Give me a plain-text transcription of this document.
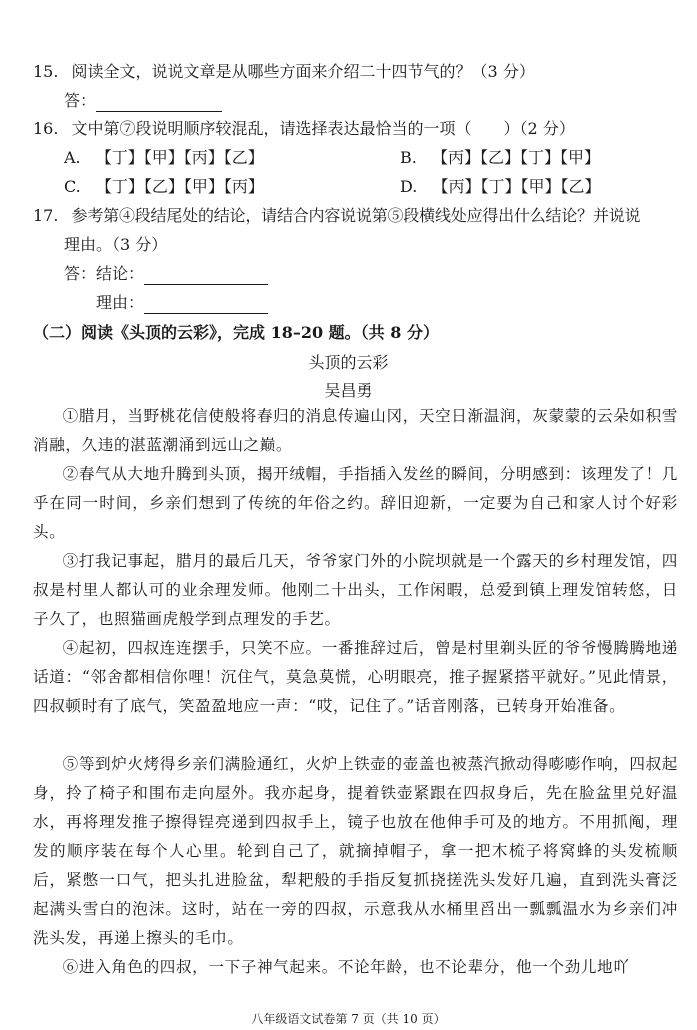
15. 阅读全文，说说文章是从哪些方面来介绍二十四节气的？（3 分）
答：
16. 文中第⑦段说明顺序较混乱，请选择表达最恰当的一项（　　）（2 分）
A. 【丁】【甲】【丙】【乙】	B. 【丙】【乙】【丁】【甲】
C. 【丁】【乙】【甲】【丙】	D. 【丙】【丁】【甲】【乙】
17. 参考第④段结尾处的结论，请结合内容说说第⑤段横线处应得出什么结论？并说说
理由。（3 分）
答：结论：
理由：
（二）阅读《头顶的云彩》，完成 18–20 题。（共 8 分）
头顶的云彩
吴昌勇

①腊月，当野桃花信使般将春归的消息传遍山冈，天空日渐温润，灰蒙蒙的云朵如积雪消融，久违的湛蓝潮涌到远山之巅。

②春气从大地升腾到头顶，揭开绒帽，手指插入发丝的瞬间，分明感到：该理发了！几乎在同一时间，乡亲们想到了传统的年俗之约。辞旧迎新，一定要为自己和家人讨个好彩头。

③打我记事起，腊月的最后几天，爷爷家门外的小院坝就是一个露天的乡村理发馆，四叔是村里人都认可的业余理发师。他刚二十出头，工作闲暇，总爱到镇上理发馆转悠，日子久了，也照猫画虎般学到点理发的手艺。

④起初，四叔连连摆手，只笑不应。一番推辞过后，曾是村里剃头匠的爷爷慢腾腾地递话道：“邻舍都相信你哩！沉住气，莫急莫慌，心明眼亮，推子握紧搭平就好。”见此情景，四叔顿时有了底气，笑盈盈地应一声：“哎，记住了。”话音刚落，已转身开始准备。

⑤等到炉火烤得乡亲们满脸通红，火炉上铁壶的壶盖也被蒸汽掀动得嘭嘭作响，四叔起身，拎了椅子和围布走向屋外。我亦起身，提着铁壶紧跟在四叔身后，先在脸盆里兑好温水，再将理发推子擦得锃亮递到四叔手上，镜子也放在他伸手可及的地方。不用抓阄，理发的顺序装在每个人心里。轮到自己了，就摘掉帽子，拿一把木梳子将窝蜂的头发梳顺后，紧憋一口气，把头扎进脸盆，犁耙般的手指反复抓挠搓洗头发好几遍，直到洗头膏泛起满头雪白的泡沫。这时，站在一旁的四叔，示意我从水桶里舀出一瓢瓢温水为乡亲们冲洗头发，再递上擦头的毛巾。

⑥进入角色的四叔，一下子神气起来。不论年龄，也不论辈分，他一个劲儿地吖

八年级语文试卷第 7 页（共 10 页）
